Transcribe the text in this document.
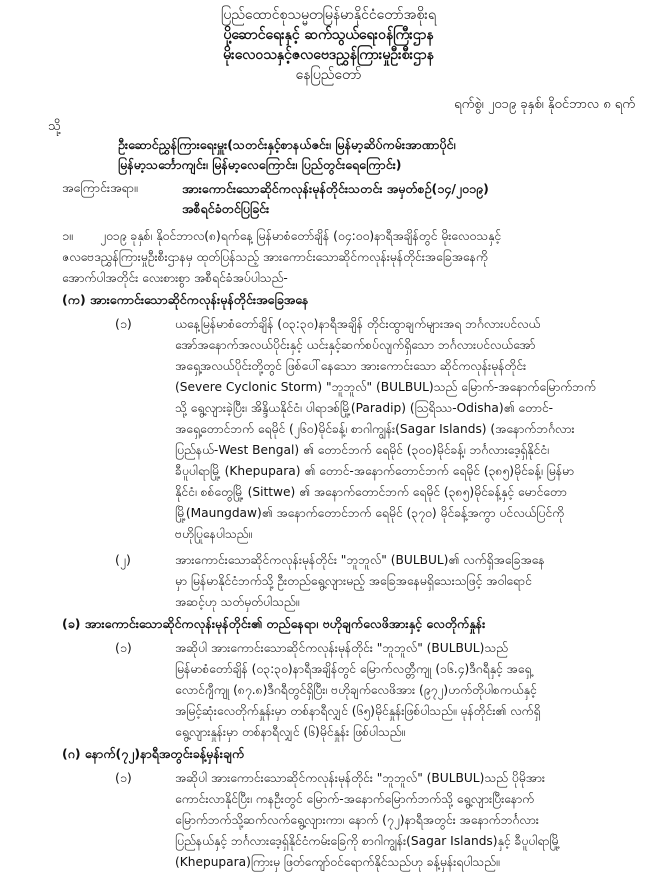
ပြည်ထောင်စုသမ္မတမြန်မာနိုင်ငံတော်အစိုးရ
ပို့ဆောင်ရေးနှင့် ဆက်သွယ်ရေးဝန်ကြီးဌာန
မိုးလေဝသနှင့်ဇလဗေဒညွှန်ကြားမှုဦးစီးဌာန
နေပြည်တော်
ရက်စွဲ၊ ၂၀၁၉ ခုနှစ်၊ နိုဝင်ဘာလ ၈ ရက်
သို့
ဦးဆောင်ညွှန်ကြားရေးမှူး(သတင်းနှင့်စာနယ်ဇင်း၊ မြန်မာ့ဆိပ်ကမ်းအာဏာပိုင်၊
မြန်မာ့သင်္ဘောကျင်း၊ မြန်မာ့လေကြောင်း၊ ပြည်တွင်းရေကြောင်း)
အကြောင်းအရာ။	အားကောင်းသောဆိုင်ကလုန်းမုန်တိုင်းသတင်း အမှတ်စဉ်(၁၄/၂၀၁၉)
အစီရင်ခံတင်ပြခြင်း
၁။ ၂၀၁၉ ခုနှစ်၊ နိုဝင်ဘာလ(၈)ရက်နေ့ မြန်မာစံတော်ချိန် (၀၄:၀၀)နာရီအချိန်တွင် မိုးလေဝသနှင့်
ဇလဗေဒညွှန်ကြားမှုဦးစီးဌာနမှ ထုတ်ပြန်သည့် အားကောင်းသောဆိုင်ကလုန်းမုန်တိုင်းအခြေအနေကို
အောက်ပါအတိုင်း လေးစားစွာ အစီရင်ခံအပ်ပါသည်-
(က) အားကောင်းသောဆိုင်ကလုန်းမုန်တိုင်းအခြေအနေ
(၁)	ယနေ့မြန်မာစံတော်ချိန် (၀၃:၃၀)နာရီအချိန် တိုင်းထွာချက်များအရ ဘင်္ဂလားပင်လယ်
အော်အနောက်အလယ်ပိုင်းနှင့် ယင်းနှင့်ဆက်စပ်လျက်ရှိသော ဘင်္ဂလားပင်လယ်အော်
အရှေ့အလယ်ပိုင်းတို့တွင် ဖြစ်ပေါ်နေသော အားကောင်းသော ဆိုင်ကလုန်းမုန်တိုင်း
(Severe Cyclonic Storm) "ဘူဘူလ်" (BULBUL)သည် မြောက်-အနောက်မြောက်ဘက်
သို့ ရွေ့လျားခဲ့ပြီး၊ အိန္ဒိယနိုင်ငံ၊ ပါရာဒစ်မြို့(Paradip) (ဩရိဿ-Odisha)၏ တောင်-
အရှေ့တောင်ဘက် ရေမိုင် (၂၆၀)မိုင်ခန့်၊ စာဂါကျွန်း(Sagar Islands) (အနောက်ဘင်္ဂလား
ပြည်နယ်-West Bengal) ၏ တောင်ဘက် ရေမိုင် (၃၀၀)မိုင်ခန့်၊ ဘင်္ဂလားဒေ့ရှ်နိုင်ငံ၊
ခီပူပါရာမြို့ (Khepupara) ၏ တောင်-အနောက်တောင်ဘက် ရေမိုင် (၃၈၅)မိုင်ခန့်၊ မြန်မာ
နိုင်ငံ၊ စစ်တွေမြို့ (Sittwe) ၏ အနောက်တောင်ဘက် ရေမိုင် (၃၈၅)မိုင်ခန့်နှင့် မောင်တော
မြို့(Maungdaw)၏ အနောက်တောင်ဘက် ရေမိုင် (၃၇၀) မိုင်ခန့်အကွာ ပင်လယ်ပြင်ကို
ဗဟိုပြုနေပါသည်။
(၂)	အားကောင်းသောဆိုင်ကလုန်းမုန်တိုင်း "ဘူဘူလ်" (BULBUL)၏ လက်ရှိအခြေအနေ
မှာ မြန်မာနိုင်ငံဘက်သို့ ဦးတည်ရွေ့လျားမည့် အခြေအနေမရှိသေးသဖြင့် အဝါရောင်
အဆင့်ဟု သတ်မှတ်ပါသည်။
(ခ) အားကောင်းသောဆိုင်ကလုန်းမုန်တိုင်း၏ တည်နေရာ၊ ဗဟိုချက်လေဖိအားနှင့် လေတိုက်နှုန်း
(၁)	အဆိုပါ အားကောင်းသောဆိုင်ကလုန်းမုန်တိုင်း "ဘူဘူလ်" (BULBUL)သည်
မြန်မာစံတော်ချိန် (၀၃:၃၀)နာရီအချိန်တွင် မြောက်လတ္တီကျု (၁၆.၄)ဒီဂရီနှင့် အရှေ့
လောင်ဂျီကျု (၈၇.၈)ဒီဂရီတွင်ရှိပြီး၊ ဗဟိုချက်လေဖိအား (၉၇၂)ဟက်တိုပါစကယ်နှင့်
အမြင့်ဆုံးလေတိုက်နှုန်းမှာ တစ်နာရီလျှင် (၆၅)မိုင်နှုန်းဖြစ်ပါသည်။ မုန်တိုင်း၏ လက်ရှိ
ရွေ့လျားနှုန်းမှာ တစ်နာရီလျှင် (၆)မိုင်နှုန်း ဖြစ်ပါသည်။
(ဂ) နောက်(၇၂)နာရီအတွင်းခန့်မှန်းချက်
(၁)	အဆိုပါ အားကောင်းသောဆိုင်ကလုန်းမုန်တိုင်း "ဘူဘူလ်" (BULBUL)သည် ပိုမိုအား
ကောင်းလာနိုင်ပြီး၊ ကနဦးတွင် မြောက်-အနောက်မြောက်ဘက်သို့ ရွေ့လျားပြီးနောက်
မြောက်ဘက်သို့ဆက်လက်ရွေ့လျားကာ၊ နောက် (၇၂)နာရီအတွင်း အနောက်ဘင်္ဂလား
ပြည်နယ်နှင့် ဘင်္ဂလားဒေ့ရှ်နိုင်ငံကမ်းခြေကို စာဂါကျွန်း(Sagar Islands)နှင့် ခီပူပါရာမြို့
(Khepupara)ကြားမှ ဖြတ်ကျော်ဝင်ရောက်နိုင်သည်ဟု ခန့်မှန်းရပါသည်။
